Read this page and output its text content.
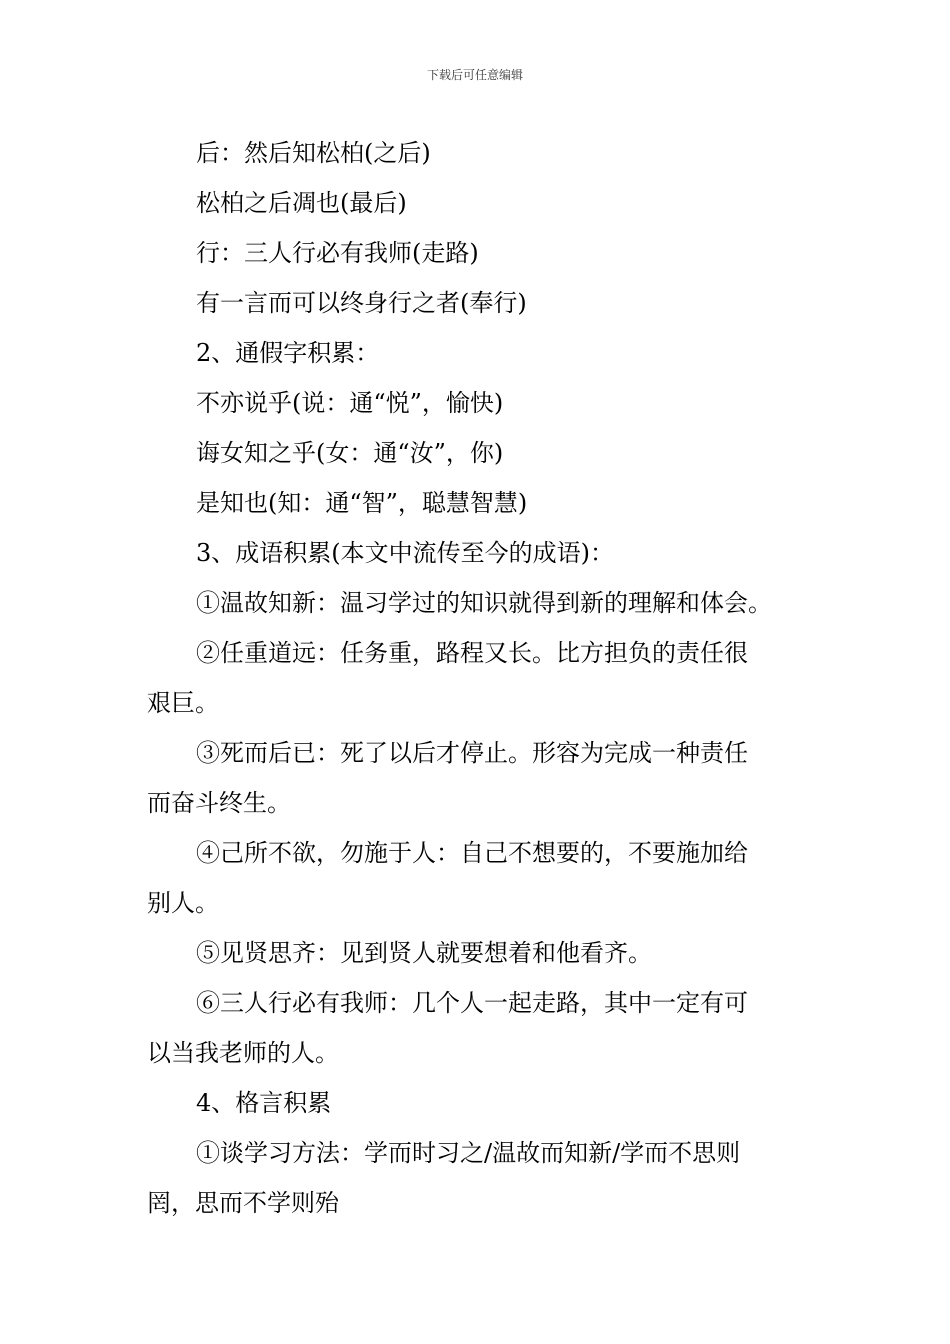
下载后可任意编辑
后：然后知松柏(之后)
松柏之后凋也(最后)
行：三人行必有我师(走路)
有一言而可以终身行之者(奉行)
2、通假字积累：
不亦说乎(说：通“悦”，愉快)
诲女知之乎(女：通“汝”，你)
是知也(知：通“智”，聪慧智慧)
3、成语积累(本文中流传至今的成语)：
①温故知新：温习学过的知识就得到新的理解和体会。
②任重道远：任务重，路程又长。比方担负的责任很
艰巨。
③死而后已：死了以后才停止。形容为完成一种责任
而奋斗终生。
④己所不欲，勿施于人：自己不想要的，不要施加给
别人。
⑤见贤思齐：见到贤人就要想着和他看齐。
⑥三人行必有我师：几个人一起走路，其中一定有可
以当我老师的人。
4、格言积累
①谈学习方法：学而时习之/温故而知新/学而不思则
罔，思而不学则殆
